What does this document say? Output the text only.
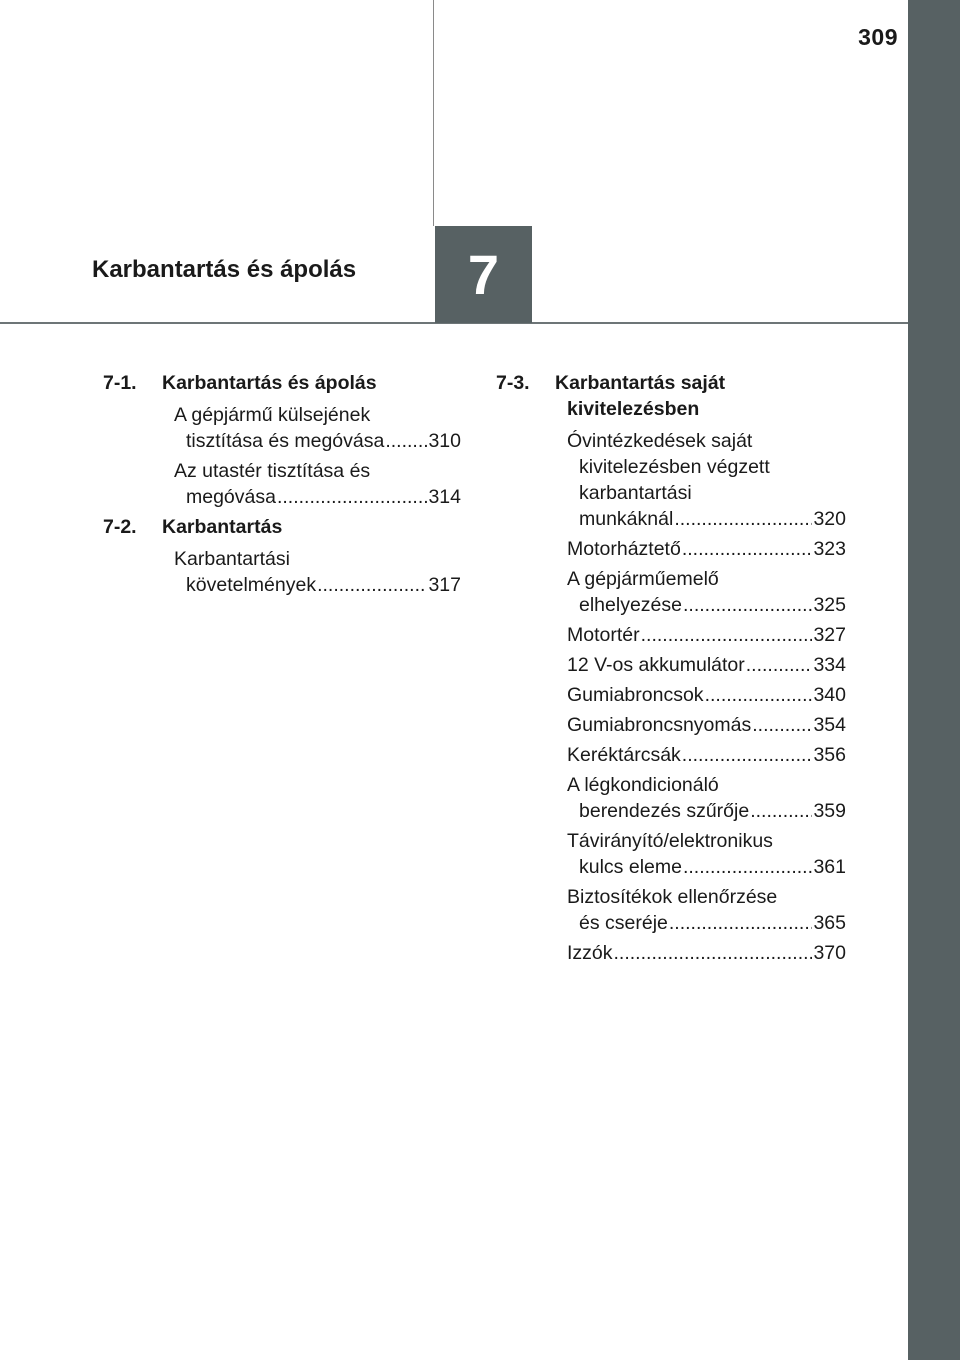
309
Karbantartás és ápolás	7
7-1. Karbantartás és ápolás
A gépjármű külsejének
tisztítása és megóvása ..... 310
Az utastér tisztítása és
megóvása .....	314
7-2. Karbantartás
Karbantartási
követelmények .....	317
7-3. Karbantartás saját
kivitelezésben
Óvintézkedések saját
kivitelezésben végzett
karbantartási
munkáknál .....	320
Motorháztető .....	323
A gépjárműemelő
elhelyezése .....	325
Motortér .....	327
12 V-os akkumulátor .....	334
Gumiabroncsok .....	340
Gumiabroncsnyomás .....	354
Keréktárcsák .....	356
A légkondicionáló
berendezés szűrője .....	359
Távirányító/elektronikus
kulcs eleme .....	361
Biztosítékok ellenőrzése
és cseréje .....	365
Izzók .....	370
